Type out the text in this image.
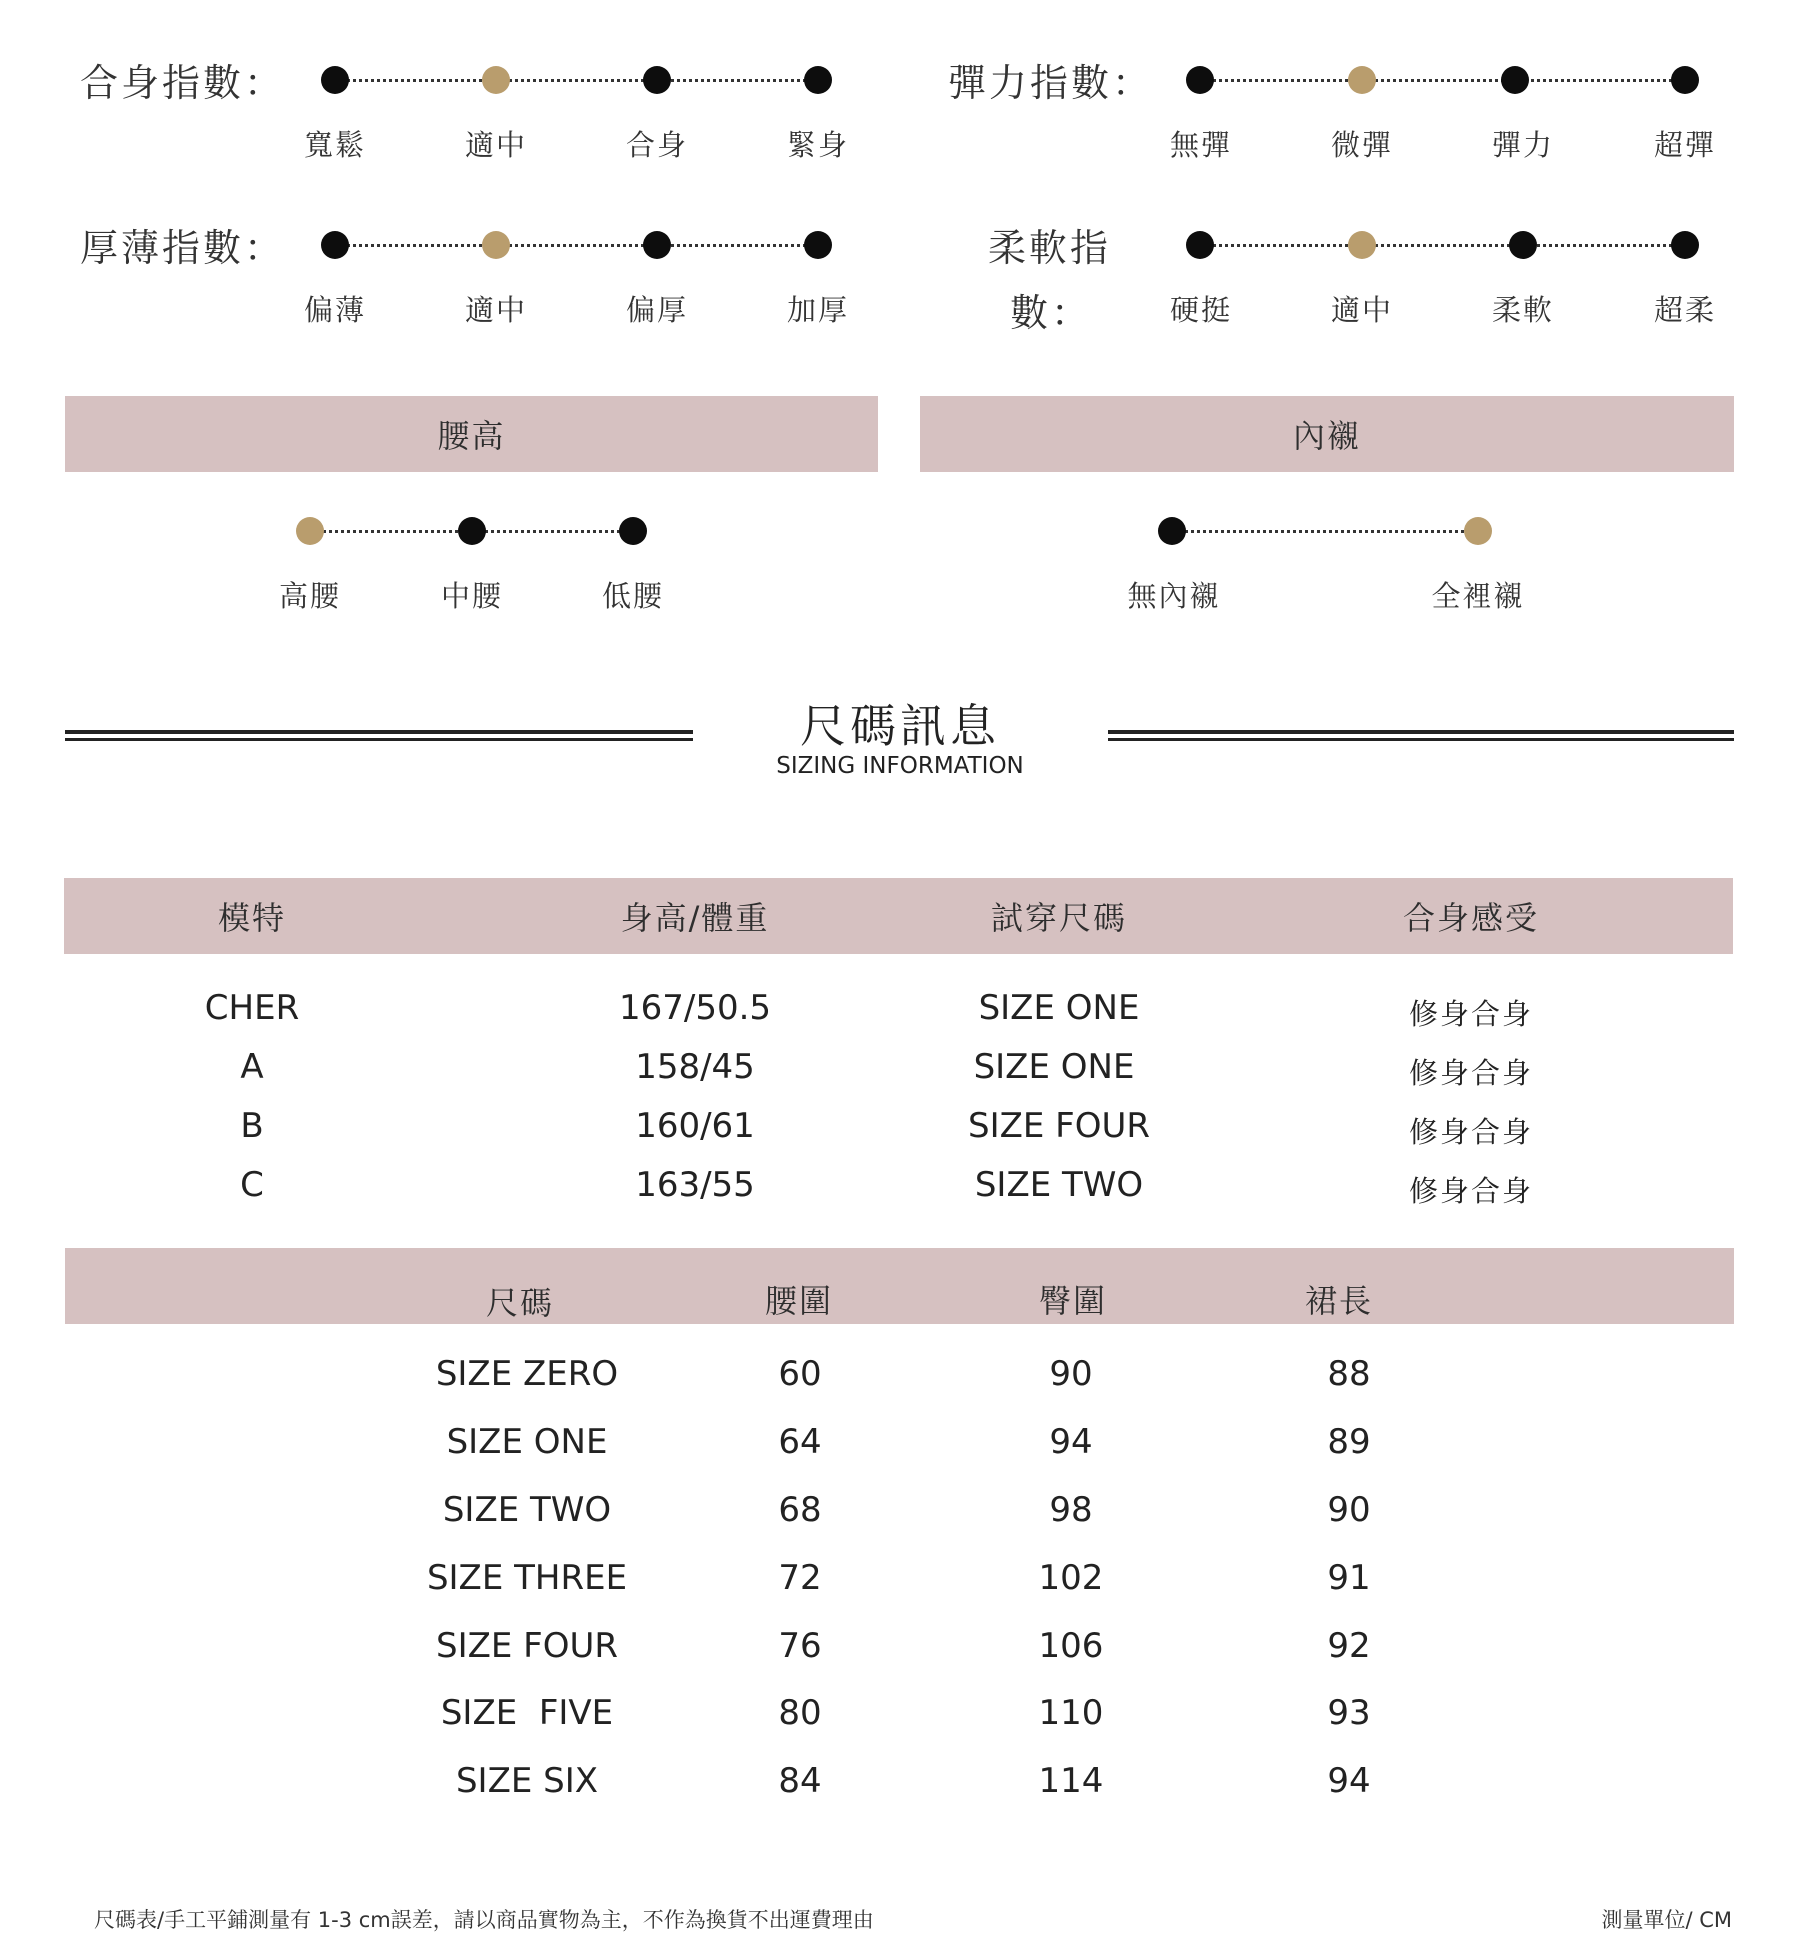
合身指數：
寬鬆	適中	合身	緊身
彈力指數：
無彈	微彈	彈力	超彈
厚薄指數：
偏薄	適中	偏厚	加厚
柔軟指
數：	硬挺	適中	柔軟	超柔
腰高	內襯
高腰	中腰	低腰	無內襯	全裡襯
尺碼訊息
SIZING INFORMATION
模特	身高/體重	試穿尺碼	合身感受
CHER	167/50.5	SIZE ONE	修身合身
A	158/45	SIZE ONE	修身合身
B	160/61	SIZE FOUR	修身合身
C	163/55	SIZE TWO	修身合身
尺碼	腰圍	臀圍	裙長
SIZE ZERO	60	90	88
SIZE ONE	64	94	89
SIZE TWO	68	98	90
SIZE THREE	72	102	91
SIZE FOUR	76	106	92
SIZE  FIVE	80	110	93
SIZE SIX	84	114	94
尺碼表/手工平鋪測量有 1-3 cm誤差，請以商品實物為主，不作為換貨不出運費理由	測量單位/ CM
